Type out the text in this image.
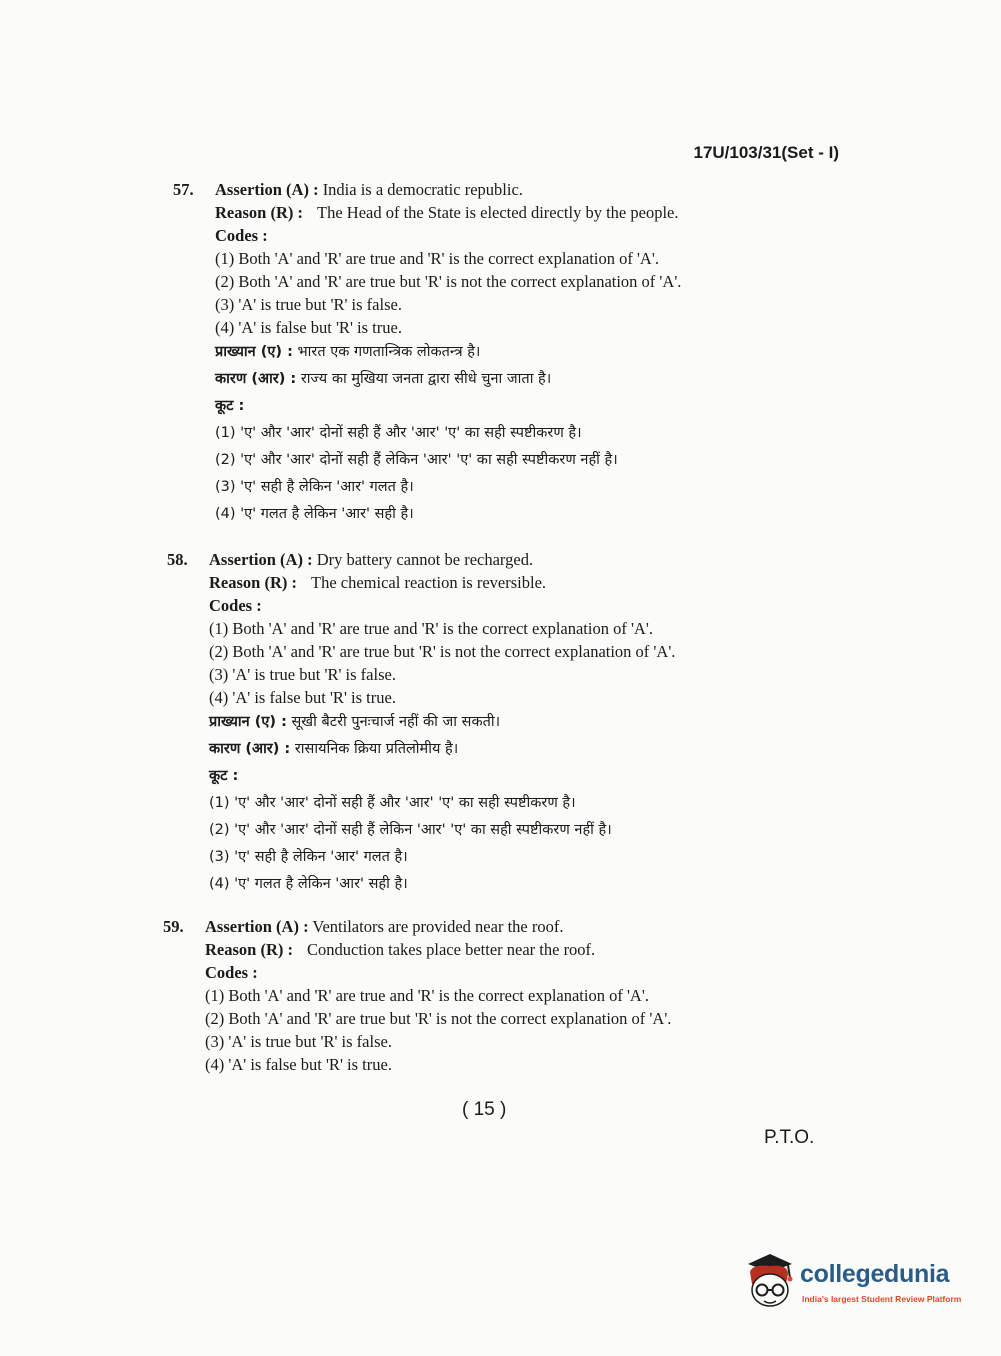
17U/103/31(Set - I)
57. Assertion (A) : India is a democratic republic.
Reason (R) : The Head of the State is elected directly by the people.
Codes :
(1) Both 'A' and 'R' are true and 'R' is the correct explanation of 'A'.
(2) Both 'A' and 'R' are true but 'R' is not the correct explanation of 'A'.
(3) 'A' is true but 'R' is false.
(4) 'A' is false but 'R' is true.
प्राख्यान (ए) : भारत एक गणतान्त्रिक लोकतन्त्र है।
कारण (आर) : राज्य का मुखिया जनता द्वारा सीधे चुना जाता है।
कूट :
(1) 'ए' और 'आर' दोनों सही हैं और 'आर' 'ए' का सही स्पष्टीकरण है।
(2) 'ए' और 'आर' दोनों सही हैं लेकिन 'आर' 'ए' का सही स्पष्टीकरण नहीं है।
(3) 'ए' सही है लेकिन 'आर' गलत है।
(4) 'ए' गलत है लेकिन 'आर' सही है।
58. Assertion (A) : Dry battery cannot be recharged.
Reason (R) : The chemical reaction is reversible.
Codes :
(1) Both 'A' and 'R' are true and 'R' is the correct explanation of 'A'.
(2) Both 'A' and 'R' are true but 'R' is not the correct explanation of 'A'.
(3) 'A' is true but 'R' is false.
(4) 'A' is false but 'R' is true.
प्राख्यान (ए) : सूखी बैटरी पुनःचार्ज नहीं की जा सकती।
कारण (आर) : रासायनिक क्रिया प्रतिलोमीय है।
कूट :
(1) 'ए' और 'आर' दोनों सही हैं और 'आर' 'ए' का सही स्पष्टीकरण है।
(2) 'ए' और 'आर' दोनों सही हैं लेकिन 'आर' 'ए' का सही स्पष्टीकरण नहीं है।
(3) 'ए' सही है लेकिन 'आर' गलत है।
(4) 'ए' गलत है लेकिन 'आर' सही है।
59. Assertion (A) : Ventilators are provided near the roof.
Reason (R) : Conduction takes place better near the roof.
Codes :
(1) Both 'A' and 'R' are true and 'R' is the correct explanation of 'A'.
(2) Both 'A' and 'R' are true but 'R' is not the correct explanation of 'A'.
(3) 'A' is true but 'R' is false.
(4) 'A' is false but 'R' is true.
( 15 )
P.T.O.
collegedunia
India's largest Student Review Platform
